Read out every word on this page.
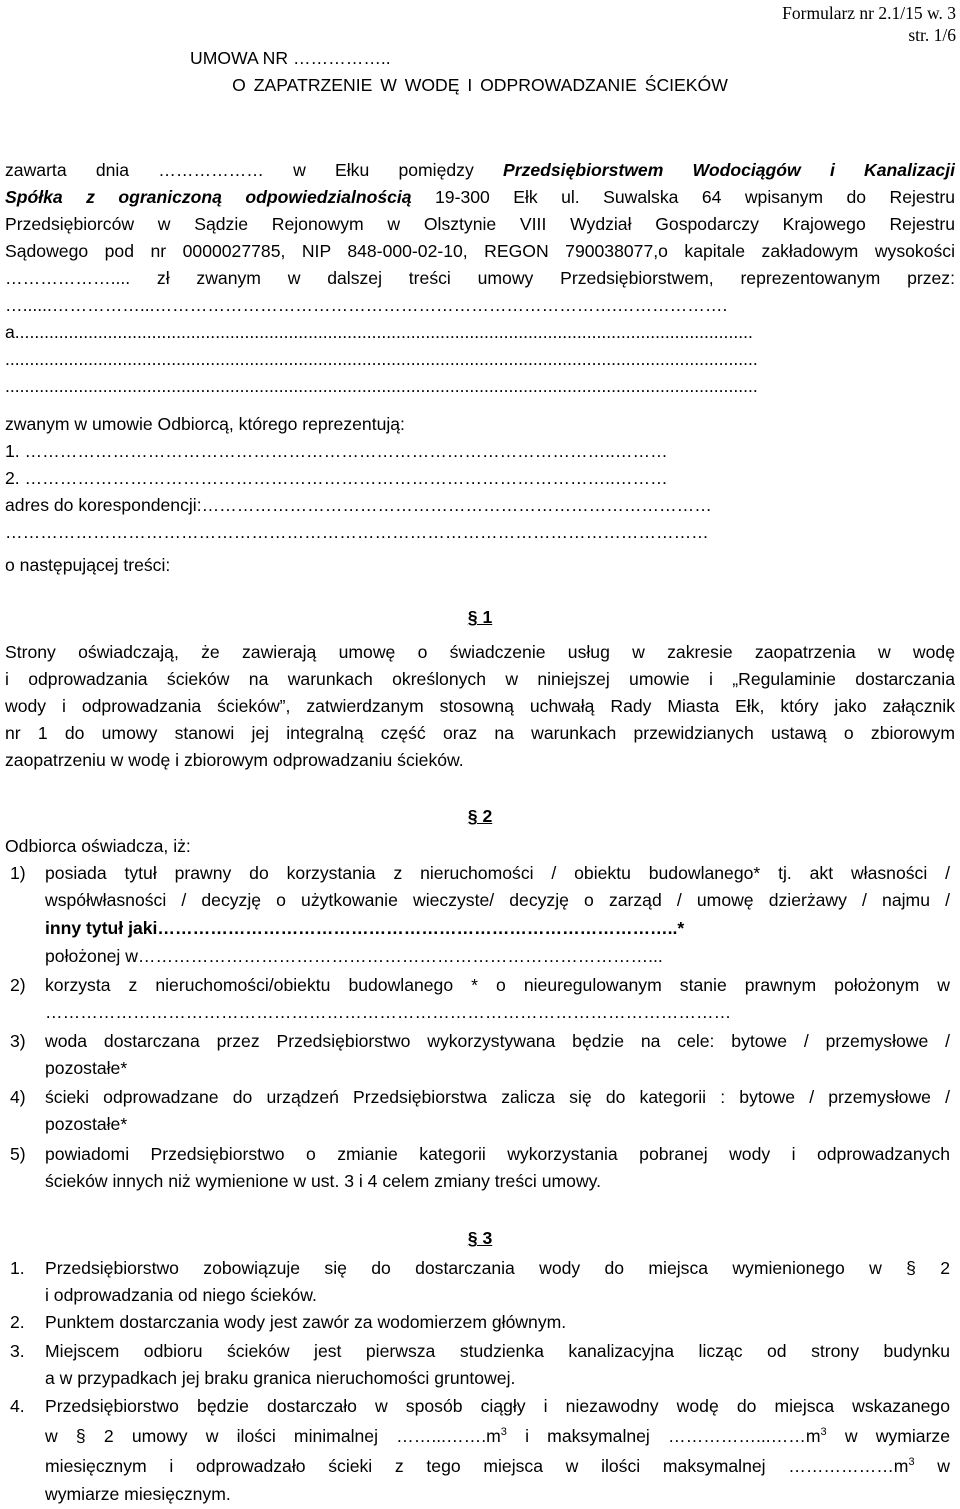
Formularz nr 2.1/15 w. 3
str. 1/6
UMOWA NR ……………..
O ZAPATRZENIE W WODĘ I ODPROWADZANIE ŚCIEKÓW
zawarta dnia ……………… w Ełku pomiędzy Przedsiębiorstwem Wodociągów i Kanalizacji
Spółka z ograniczoną odpowiedzialnością 19-300 Ełk ul. Suwalska 64 wpisanym do Rejestru
Przedsiębiorców w Sądzie Rejonowym w Olsztynie VIII Wydział Gospodarczy Krajowego Rejestru
Sądowego pod nr 0000027785, NIP 848-000-02-10, REGON 790038077,o kapitale zakładowym wysokości
……………….... zł zwanym w dalszej treści umowy Przedsiębiorstwem, reprezentowanym przez:
…......……………...…………………………………………………………………….……………….
a.......................................................................................................................................................
..........................................................................................................................................................
..........................................................................................................................................................
zwanym w umowie Odbiorcą, którego reprezentują:
1. ………………………………………………………………………………………..………
2. ………………………………………………………………………………………..………
adres do korespondencji:……………………………………………………………………………
…………………………………………………………………………………………………………
o następującej treści:
§ 1
Strony oświadczają, że zawierają umowę o świadczenie usług w zakresie zaopatrzenia w wodę
i odprowadzania ścieków na warunkach określonych w niniejszej umowie i „Regulaminie dostarczania
wody i odprowadzania ścieków”, zatwierdzanym stosowną uchwałą Rady Miasta Ełk, który jako załącznik
nr 1 do umowy stanowi jej integralną część oraz na warunkach przewidzianych ustawą o zbiorowym
zaopatrzeniu w wodę i zbiorowym odprowadzaniu ścieków.
§ 2
Odbiorca oświadcza, iż:
1) posiada tytuł prawny do korzystania z nieruchomości / obiektu budowlanego* tj. akt własności /
współwłasności / decyzję o użytkowanie wieczyste/ decyzję o zarząd / umowę dzierżawy / najmu /
inny tytuł jaki……………………………………………………………………………..*
położonej w……………………………………………………………………………...
2) korzysta z nieruchomości/obiektu budowlanego * o nieuregulowanym stanie prawnym położonym w
………………………………………………………………………………………………………
3) woda dostarczana przez Przedsiębiorstwo wykorzystywana będzie na cele: bytowe / przemysłowe /
pozostałe*
4) ścieki odprowadzane do urządzeń Przedsiębiorstwa zalicza się do kategorii : bytowe / przemysłowe /
pozostałe*
5) powiadomi Przedsiębiorstwo o zmianie kategorii wykorzystania pobranej wody i odprowadzanych
ścieków innych niż wymienione w ust. 3 i 4 celem zmiany treści umowy.
§ 3
1. Przedsiębiorstwo zobowiązuje się do dostarczania wody do miejsca wymienionego w § 2
i odprowadzania od niego ścieków.
2. Punktem dostarczania wody jest zawór za wodomierzem głównym.
3. Miejscem odbioru ścieków jest pierwsza studzienka kanalizacyjna licząc od strony budynku
a w przypadkach jej braku granica nieruchomości gruntowej.
4. Przedsiębiorstwo będzie dostarczało w sposób ciągły i niezawodny wodę do miejsca wskazanego
w § 2 umowy w ilości minimalnej $\dots\dots...\dots\dots.m^3$ i maksymalnej $\dots\dots\dots\dots\dots...\dots\dots m^3$ w wymiarze
miesięcznym i odprowadzało ścieki z tego miejsca w ilości maksymalnej $\dots\dots\dots\dots\dots\dots m^3$ w
wymiarze miesięcznym.
